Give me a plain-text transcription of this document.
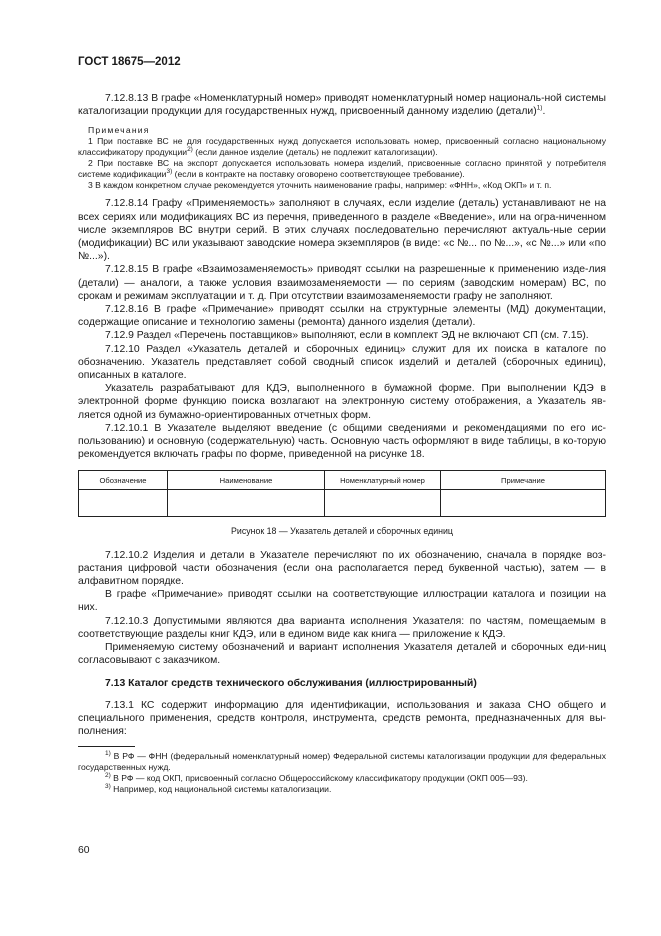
ГОСТ 18675—2012

7.12.8.13 В графе «Номенклатурный номер» приводят номенклатурный номер националь-ной системы каталогизации продукции для государственных нужд, присвоенный данному изделию (детали)$^{1)}$.

Примечания

1 При поставке ВС не для государственных нужд допускается использовать номер, присвоенный согласно национальному классификатору продукции$^{2)}$ (если данное изделие (деталь) не подлежит каталогизации).

2 При поставке ВС на экспорт допускается использовать номера изделий, присвоенные согласно принятой у потребителя системе кодификации$^{3)}$ (если в контракте на поставку оговорено соответствующее требование).

3 В каждом конкретном случае рекомендуется уточнить наименование графы, например: «ФНН», «Код ОКП» и т. п.

7.12.8.14 Графу «Применяемость» заполняют в случаях, если изделие (деталь) устанавливают не на всех сериях или модификациях ВС из перечня, приведенного в разделе «Введение», или на огра-ниченном числе экземпляров ВС внутри серий. В этих случаях последовательно перечисляют актуаль-ные серии (модификации) ВС или указывают заводские номера экземпляров (в виде: «с №... по №...», «с №...» или «по №...»).

7.12.8.15 В графе «Взаимозаменяемость» приводят ссылки на разрешенные к применению изде-лия (детали) — аналоги, а также условия взаимозаменяемости — по сериям (заводским номерам) ВС, по срокам и режимам эксплуатации и т. д. При отсутствии взаимозаменяемости графу не заполняют.

7.12.8.16 В графе «Примечание» приводят ссылки на структурные элементы (МД) документации, содержащие описание и технологию замены (ремонта) данного изделия (детали).

7.12.9 Раздел «Перечень поставщиков» выполняют, если в комплект ЭД не включают СП (см. 7.15).

7.12.10 Раздел «Указатель деталей и сборочных единиц» служит для их поиска в каталоге по обозначению. Указатель представляет собой сводный список изделий и деталей (сборочных единиц), описанных в каталоге.

Указатель разрабатывают для КДЭ, выполненного в бумажной форме. При выполнении КДЭ в электронной форме функцию поиска возлагают на электронную систему отображения, а Указатель яв-ляется одной из бумажно-ориентированных отчетных форм.

7.12.10.1 В Указателе выделяют введение (с общими сведениями и рекомендациями по его ис-пользованию) и основную (содержательную) часть. Основную часть оформляют в виде таблицы, в ко-торую рекомендуется включать графы по форме, приведенной на рисунке 18.

Обозначение	Наименование	Номенклатурный номер	Примечание

Рисунок 18 — Указатель деталей и сборочных единиц

7.12.10.2 Изделия и детали в Указателе перечисляют по их обозначению, сначала в порядке воз-растания цифровой части обозначения (если она располагается перед буквенной частью), затем — в алфавитном порядке.

В графе «Примечание» приводят ссылки на соответствующие иллюстрации каталога и позиции на них.

7.12.10.3 Допустимыми являются два варианта исполнения Указателя: по частям, помещаемым в соответствующие разделы книг КДЭ, или в едином виде как книга — приложение к КДЭ.

Применяемую систему обозначений и вариант исполнения Указателя деталей и сборочных еди-ниц согласовывают с заказчиком.

7.13 Каталог средств технического обслуживания (иллюстрированный)

7.13.1 КС содержит информацию для идентификации, использования и заказа СНО общего и специального применения, средств контроля, инструмента, средств ремонта, предназначенных для вы-полнения:

$^{1)}$ В РФ — ФНН (федеральный номенклатурный номер) Федеральной системы каталогизации продукции для федеральных государственных нужд.

$^{2)}$ В РФ — код ОКП, присвоенный согласно Общероссийскому классификатору продукции (ОКП 005—93).

$^{3)}$ Например, код национальной системы каталогизации.

60
